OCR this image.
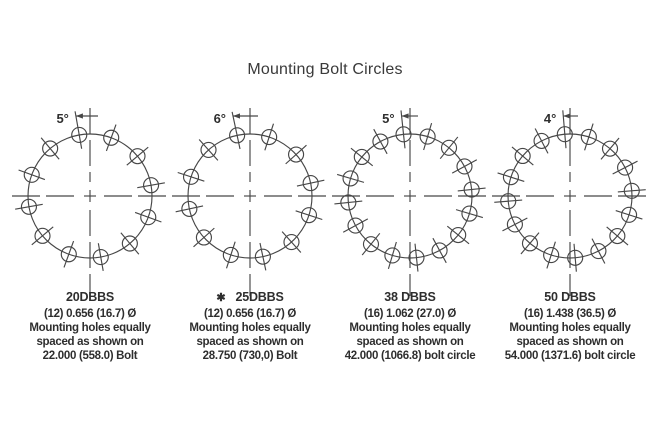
Mounting Bolt Circles
5°
20DBBS
(12) 0.656 (16.7) Ø
Mounting holes equally
spaced as shown on
22.000 (558.0) Bolt
6°
✱ 25DBBS
(12) 0.656 (16.7) Ø
Mounting holes equally
spaced as shown on
28.750 (730,0) Bolt
5°
38 DBBS
(16) 1.062 (27.0) Ø
Mounting holes equally
spaced as shown on
42.000 (1066.8) bolt circle
4°
50 DBBS
(16) 1.438 (36.5) Ø
Mounting holes equally
spaced as shown on
54.000 (1371.6) bolt circle
